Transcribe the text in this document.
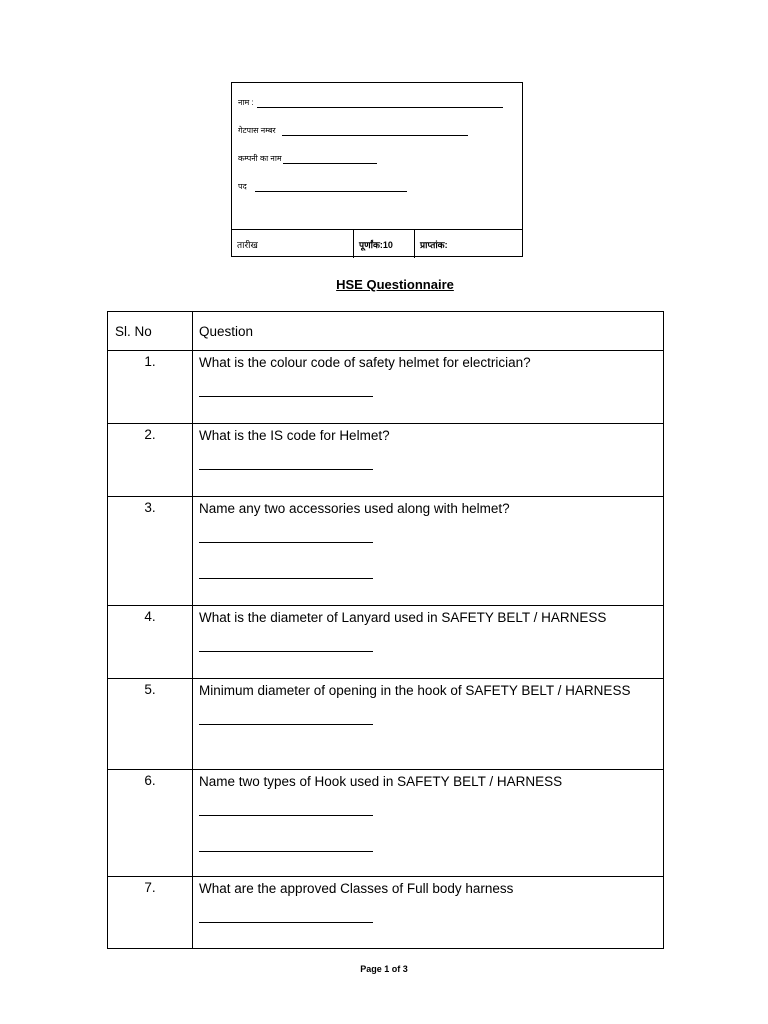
नाम :
गेटपास नम्बर
कम्पनी का नाम
पद
तारीख	पूर्णांक:10	प्राप्तांक:
HSE Questionnaire
Sl. No	Question
1.	What is the colour code of safety helmet for electrician?

2.	What is the IS code for Helmet?

3.	Name any two accessories used along with helmet?

4.	What is the diameter of Lanyard used in SAFETY BELT / HARNESS

5.	Minimum diameter of opening in the hook of SAFETY BELT / HARNESS

6.	Name two types of Hook used in SAFETY BELT / HARNESS

7.	What are the approved Classes of Full body harness
Page 1 of 3
